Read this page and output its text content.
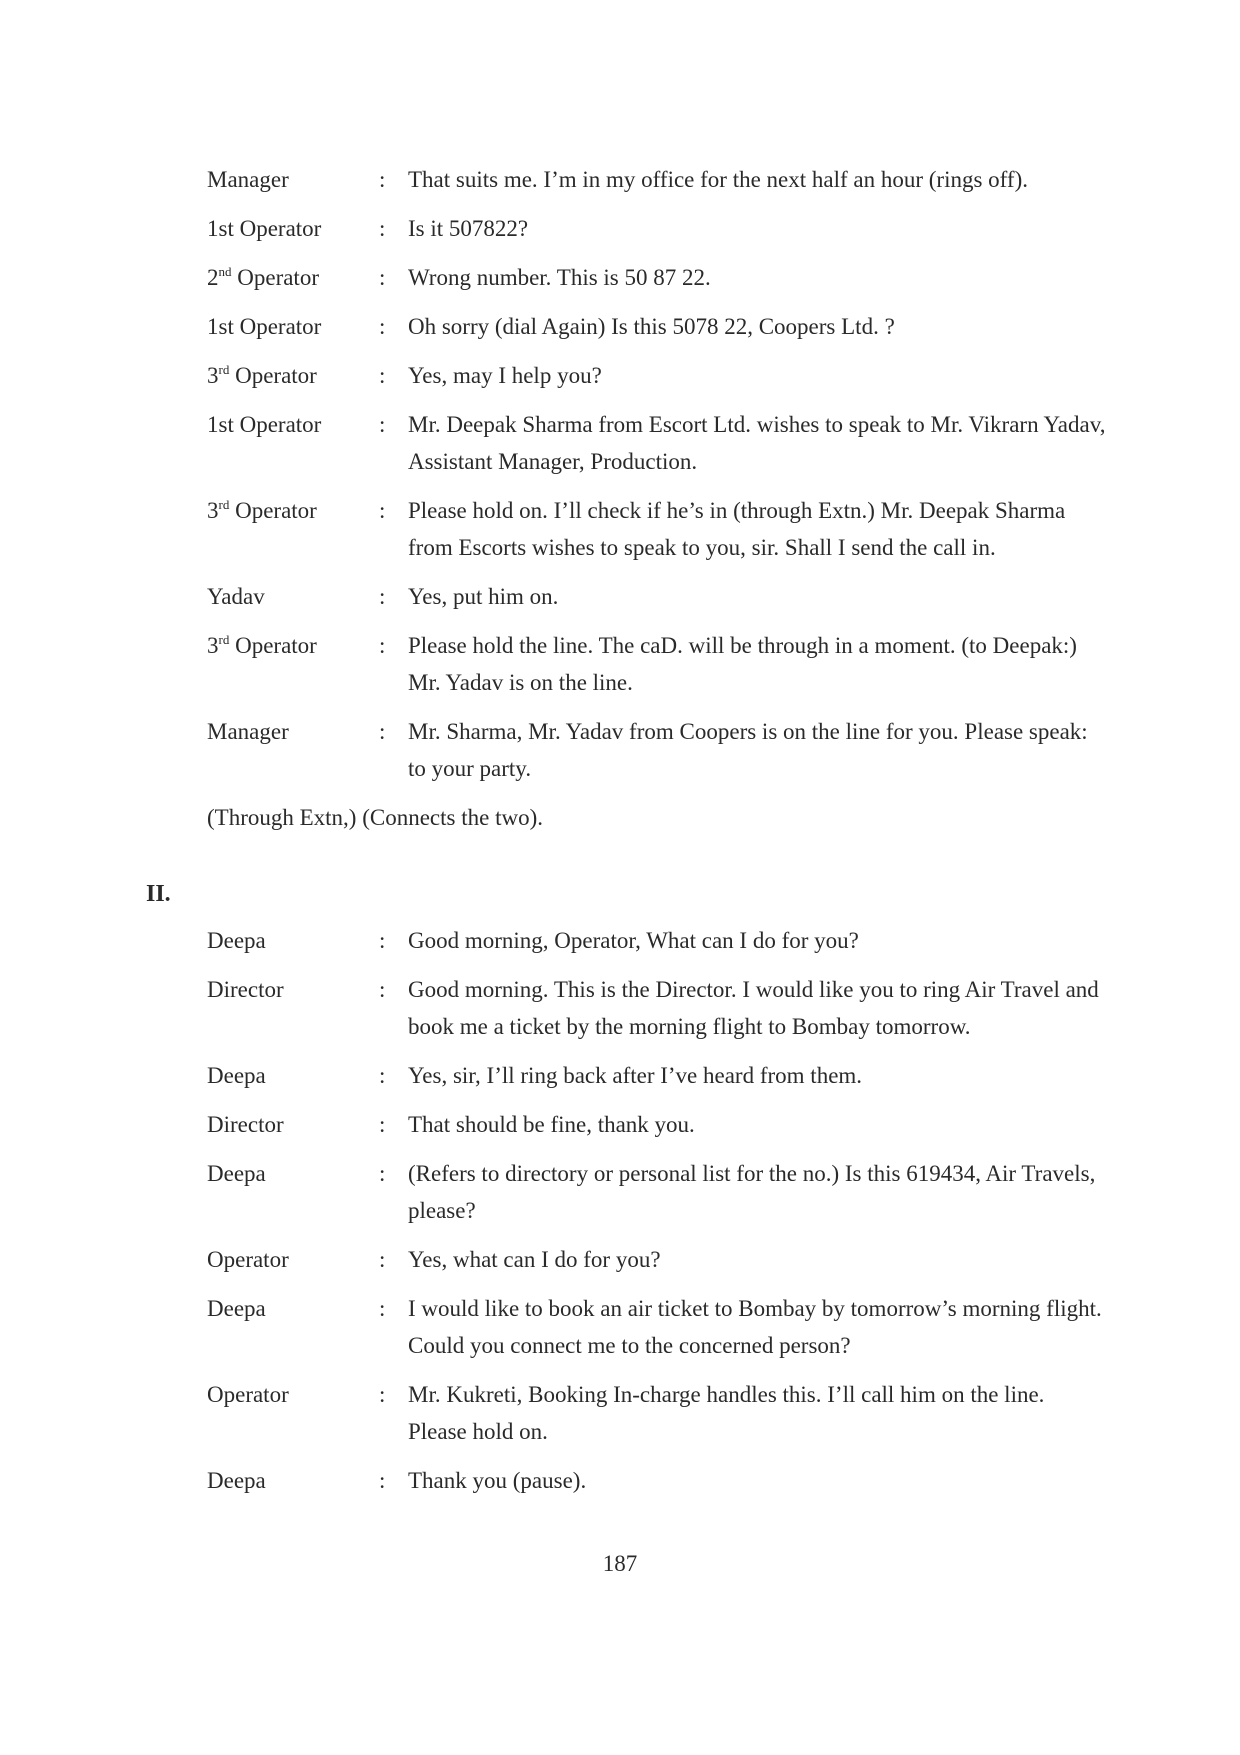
Manager	: That suits me. I’m in my office for the next half an hour (rings off).
1st Operator	: Is it 507822?
2nd Operator	: Wrong number. This is 50 87 22.
1st Operator	: Oh sorry (dial Again) Is this 5078 22, Coopers Ltd. ?
3rd Operator	: Yes, may I help you?
1st Operator	: Mr. Deepak Sharma from Escort Ltd. wishes to speak to Mr. Vikrarn Yadav, Assistant Manager, Production.
3rd Operator	: Please hold on. I’ll check if he’s in (through Extn.) Mr. Deepak Sharma from Escorts wishes to speak to you, sir. Shall I send the call in.
Yadav	: Yes, put him on.
3rd Operator	: Please hold the line. The caD. will be through in a moment. (to Deepak:) Mr. Yadav is on the line.
Manager	: Mr. Sharma, Mr. Yadav from Coopers is on the line for you. Please speak: to your party.
(Through Extn,) (Connects the two).
II.
Deepa	: Good morning, Operator, What can I do for you?
Director	: Good morning. This is the Director. I would like you to ring Air Travel and book me a ticket by the morning flight to Bombay tomorrow.
Deepa	: Yes, sir, I’ll ring back after I’ve heard from them.
Director	: That should be fine, thank you.
Deepa	: (Refers to directory or personal list for the no.) Is this 619434, Air Travels, please?
Operator	: Yes, what can I do for you?
Deepa	: I would like to book an air ticket to Bombay by tomorrow’s morning flight. Could you connect me to the concerned person?
Operator	: Mr. Kukreti, Booking In-charge handles this. I’ll call him on the line. Please hold on.
Deepa	: Thank you (pause).
187
